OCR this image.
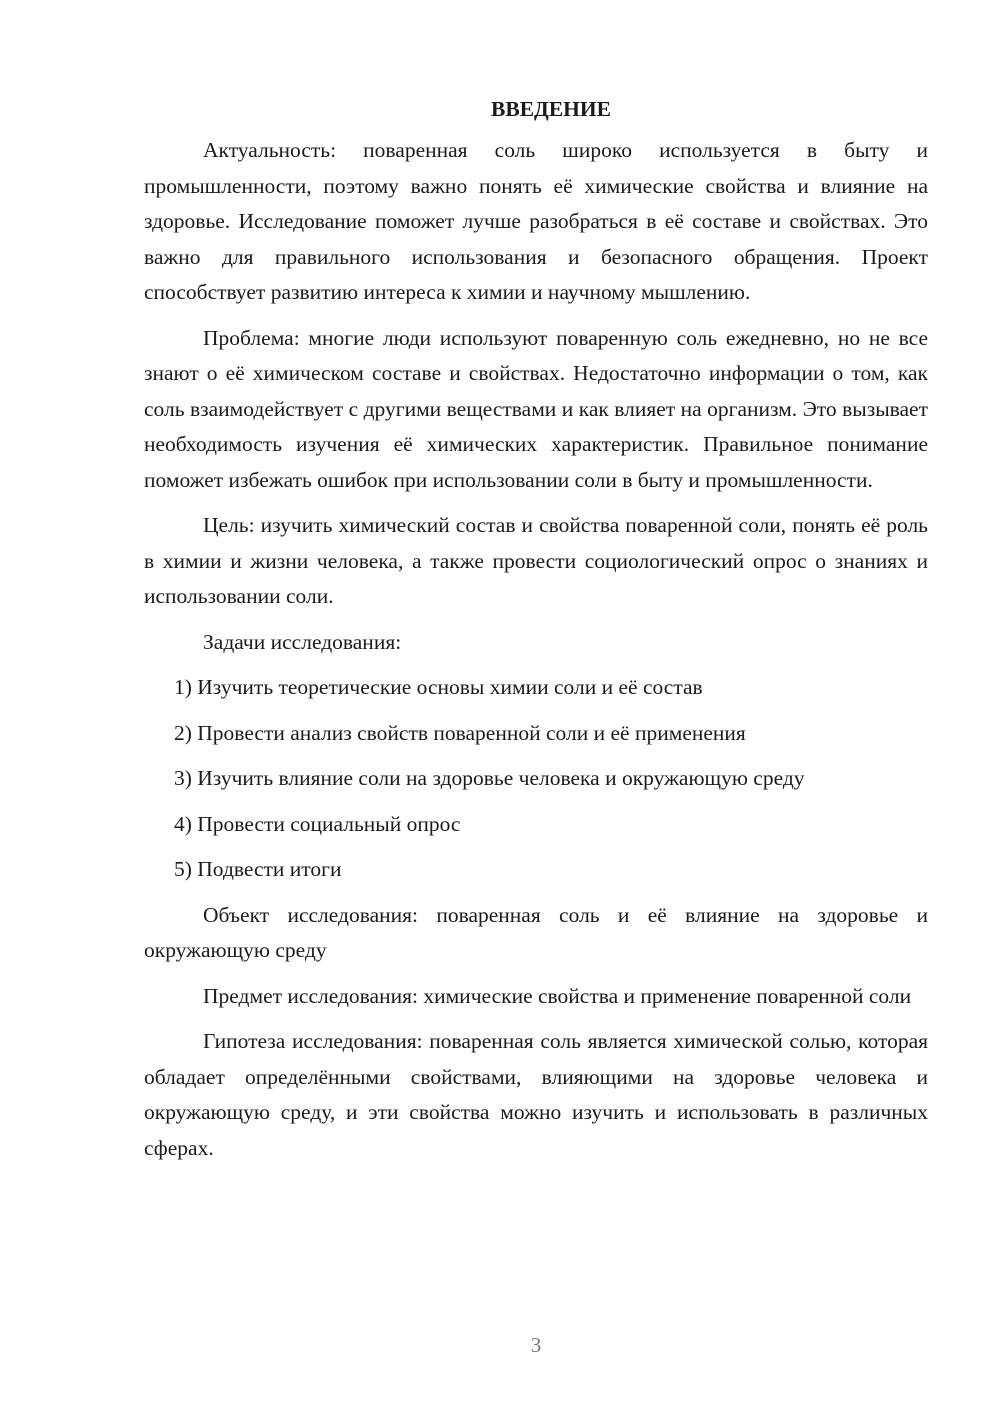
ВВЕДЕНИЕ

Актуальность: поваренная соль широко используется в быту и промышленности, поэтому важно понять её химические свойства и влияние на здоровье. Исследование поможет лучше разобраться в её составе и свойствах. Это важно для правильного использования и безопасного обращения. Проект способствует развитию интереса к химии и научному мышлению.

Проблема: многие люди используют поваренную соль ежедневно, но не все знают о её химическом составе и свойствах. Недостаточно информации о том, как соль взаимодействует с другими веществами и как влияет на организм. Это вызывает необходимость изучения её химических характеристик. Правильное понимание поможет избежать ошибок при использовании соли в быту и промышленности.

Цель: изучить химический состав и свойства поваренной соли, понять её роль в химии и жизни человека, а также провести социологический опрос о знаниях и использовании соли.

Задачи исследования:

1) Изучить теоретические основы химии соли и её состав
2) Провести анализ свойств поваренной соли и её применения
3) Изучить влияние соли на здоровье человека и окружающую среду
4) Провести социальный опрос
5) Подвести итоги

Объект исследования: поваренная соль и её влияние на здоровье и окружающую среду

Предмет исследования: химические свойства и применение поваренной соли

Гипотеза исследования: поваренная соль является химической солью, которая обладает определёнными свойствами, влияющими на здоровье человека и окружающую среду, и эти свойства можно изучить и использовать в различных сферах.

3
